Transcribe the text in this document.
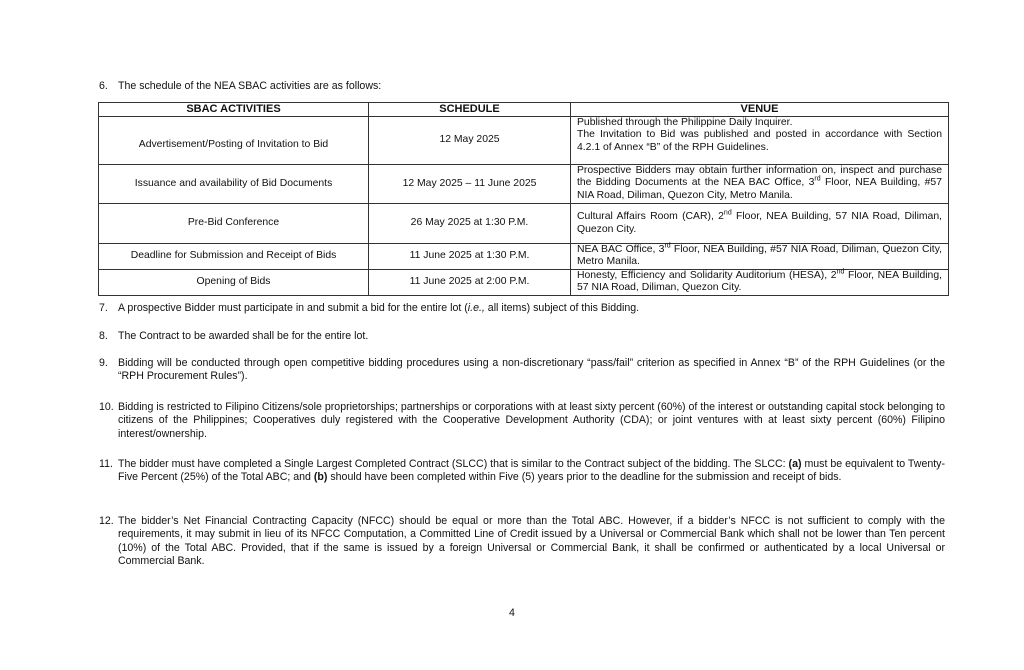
6. The schedule of the NEA SBAC activities are as follows:
SBAC ACTIVITIES	SCHEDULE	VENUE
Advertisement/Posting of Invitation to Bid	12 May 2025	Published through the Philippine Daily Inquirer.
The Invitation to Bid was published and posted in accordance with Section 4.2.1 of Annex “B” of the RPH Guidelines.
Issuance and availability of Bid Documents	12 May 2025 – 11 June 2025	Prospective Bidders may obtain further information on, inspect and purchase the Bidding Documents at the NEA BAC Office, 3rd Floor, NEA Building, #57 NIA Road, Diliman, Quezon City, Metro Manila.
Pre-Bid Conference	26 May 2025 at 1:30 P.M.	Cultural Affairs Room (CAR), 2nd Floor, NEA Building, 57 NIA Road, Diliman, Quezon City.
Deadline for Submission and Receipt of Bids	11 June 2025 at 1:30 P.M.	NEA BAC Office, 3rd Floor, NEA Building, #57 NIA Road, Diliman, Quezon City, Metro Manila.
Opening of Bids	11 June 2025 at 2:00 P.M.	Honesty, Efficiency and Solidarity Auditorium (HESA), 2nd Floor, NEA Building, 57 NIA Road, Diliman, Quezon City.
7. A prospective Bidder must participate in and submit a bid for the entire lot (i.e., all items) subject of this Bidding.
8. The Contract to be awarded shall be for the entire lot.
9. Bidding will be conducted through open competitive bidding procedures using a non-discretionary “pass/fail” criterion as specified in Annex “B” of the RPH Guidelines (or the “RPH Procurement Rules”).
10. Bidding is restricted to Filipino Citizens/sole proprietorships; partnerships or corporations with at least sixty percent (60%) of the interest or outstanding capital stock belonging to citizens of the Philippines; Cooperatives duly registered with the Cooperative Development Authority (CDA); or joint ventures with at least sixty percent (60%) Filipino interest/ownership.
11. The bidder must have completed a Single Largest Completed Contract (SLCC) that is similar to the Contract subject of the bidding. The SLCC: (a) must be equivalent to Twenty-Five Percent (25%) of the Total ABC; and (b) should have been completed within Five (5) years prior to the deadline for the submission and receipt of bids.
12. The bidder’s Net Financial Contracting Capacity (NFCC) should be equal or more than the Total ABC. However, if a bidder’s NFCC is not sufficient to comply with the requirements, it may submit in lieu of its NFCC Computation, a Committed Line of Credit issued by a Universal or Commercial Bank which shall not be lower than Ten percent (10%) of the Total ABC. Provided, that if the same is issued by a foreign Universal or Commercial Bank, it shall be confirmed or authenticated by a local Universal or Commercial Bank.
4
